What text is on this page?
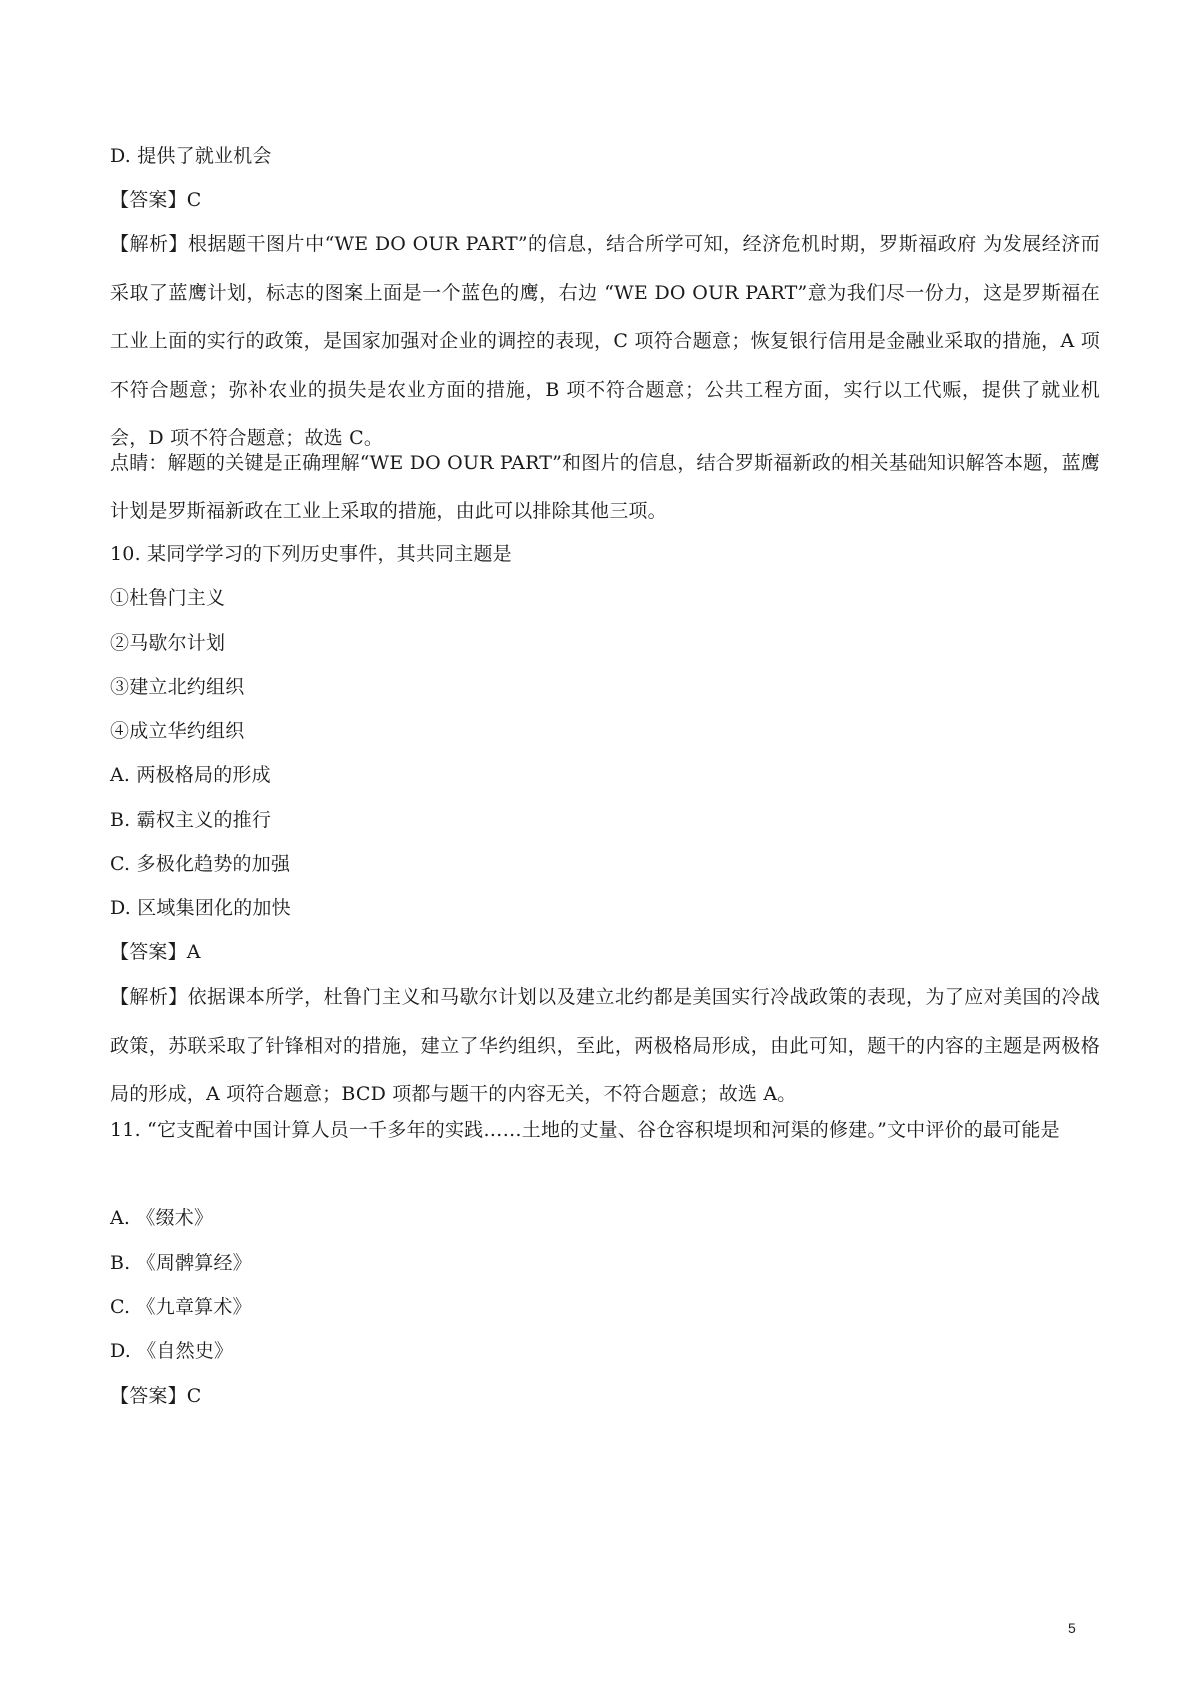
D. 提供了就业机会
【答案】C
【解析】根据题干图片中“WE DO OUR PART”的信息，结合所学可知，经济危机时期，罗斯福政府 为发展经济而采取了蓝鹰计划，标志的图案上面是一个蓝色的鹰，右边 “WE DO OUR PART”意为我们尽一份力，这是罗斯福在工业上面的实行的政策，是国家加强对企业的调控的表现，C 项符合题意；恢复银行信用是金融业采取的措施，A 项不符合题意；弥补农业的损失是农业方面的措施，B 项不符合题意；公共工程方面，实行以工代赈，提供了就业机会，D 项不符合题意；故选 C。
点睛：解题的关键是正确理解“WE DO OUR PART”和图片的信息，结合罗斯福新政的相关基础知识解答本题，蓝鹰计划是罗斯福新政在工业上采取的措施，由此可以排除其他三项。
10. 某同学学习的下列历史事件，其共同主题是
①杜鲁门主义
②马歇尔计划
③建立北约组织
④成立华约组织
A. 两极格局的形成
B. 霸权主义的推行
C. 多极化趋势的加强
D. 区域集团化的加快
【答案】A
【解析】依据课本所学，杜鲁门主义和马歇尔计划以及建立北约都是美国实行冷战政策的表现，为了应对美国的冷战政策，苏联采取了针锋相对的措施，建立了华约组织，至此，两极格局形成，由此可知，题干的内容的主题是两极格局的形成，A 项符合题意；BCD 项都与题干的内容无关，不符合题意；故选 A。
11. “它支配着中国计算人员一千多年的实践……土地的丈量、谷仓容积堤坝和河渠的修建。”文中评价的最可能是
A. 《缀术》
B. 《周髀算经》
C. 《九章算术》
D. 《自然史》
【答案】C
5
